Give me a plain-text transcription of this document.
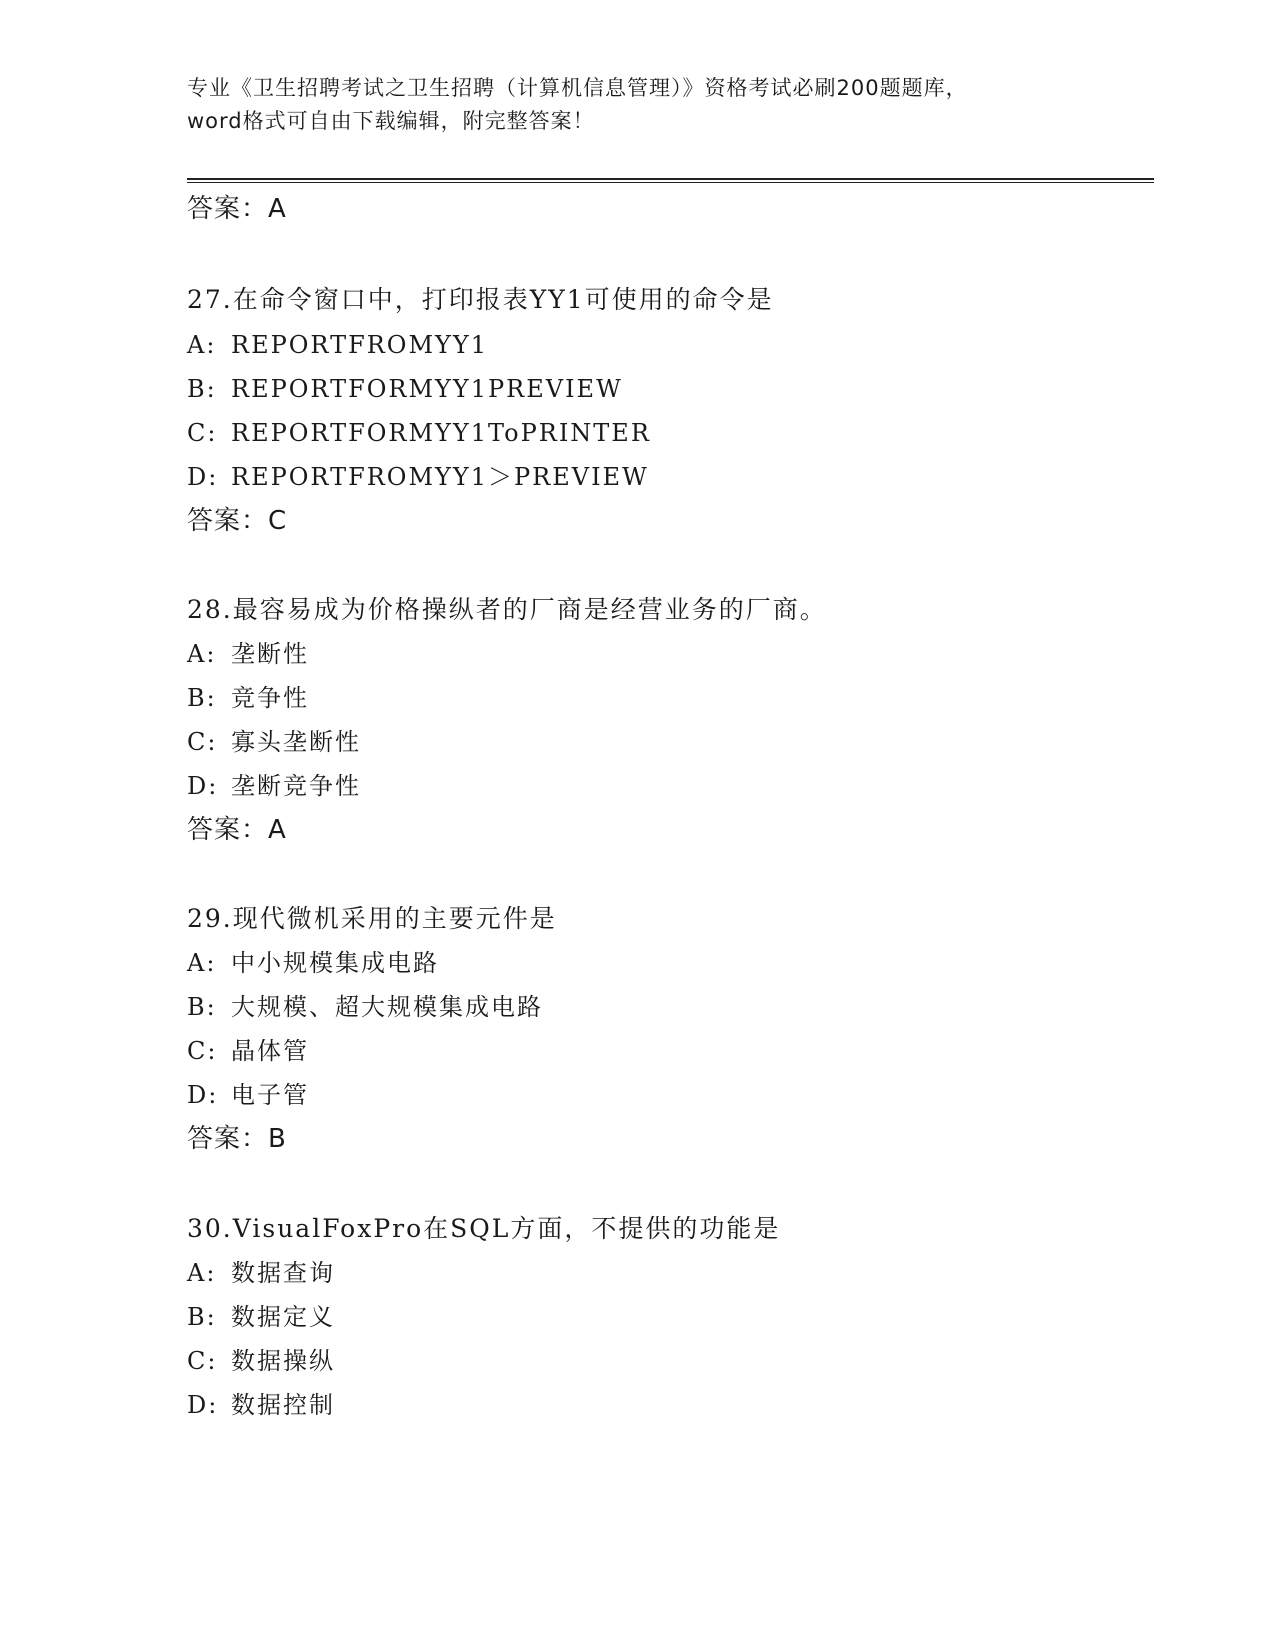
专业《卫生招聘考试之卫生招聘（计算机信息管理）》资格考试必刷200题题库，
word格式可自由下载编辑，附完整答案！
答案：A
27.在命令窗口中，打印报表YY1可使用的命令是
A: REPORTFROMYY1
B: REPORTFORMYY1PREVIEW
C: REPORTFORMYY1ToPRINTER
D: REPORTFROMYY1＞PREVIEW
答案：C
28.最容易成为价格操纵者的厂商是经营业务的厂商。
A: 垄断性
B: 竞争性
C: 寡头垄断性
D: 垄断竞争性
答案：A
29.现代微机采用的主要元件是
A: 中小规模集成电路
B: 大规模、超大规模集成电路
C: 晶体管
D: 电子管
答案：B
30.VisualFoxPro在SQL方面，不提供的功能是
A: 数据查询
B: 数据定义
C: 数据操纵
D: 数据控制
